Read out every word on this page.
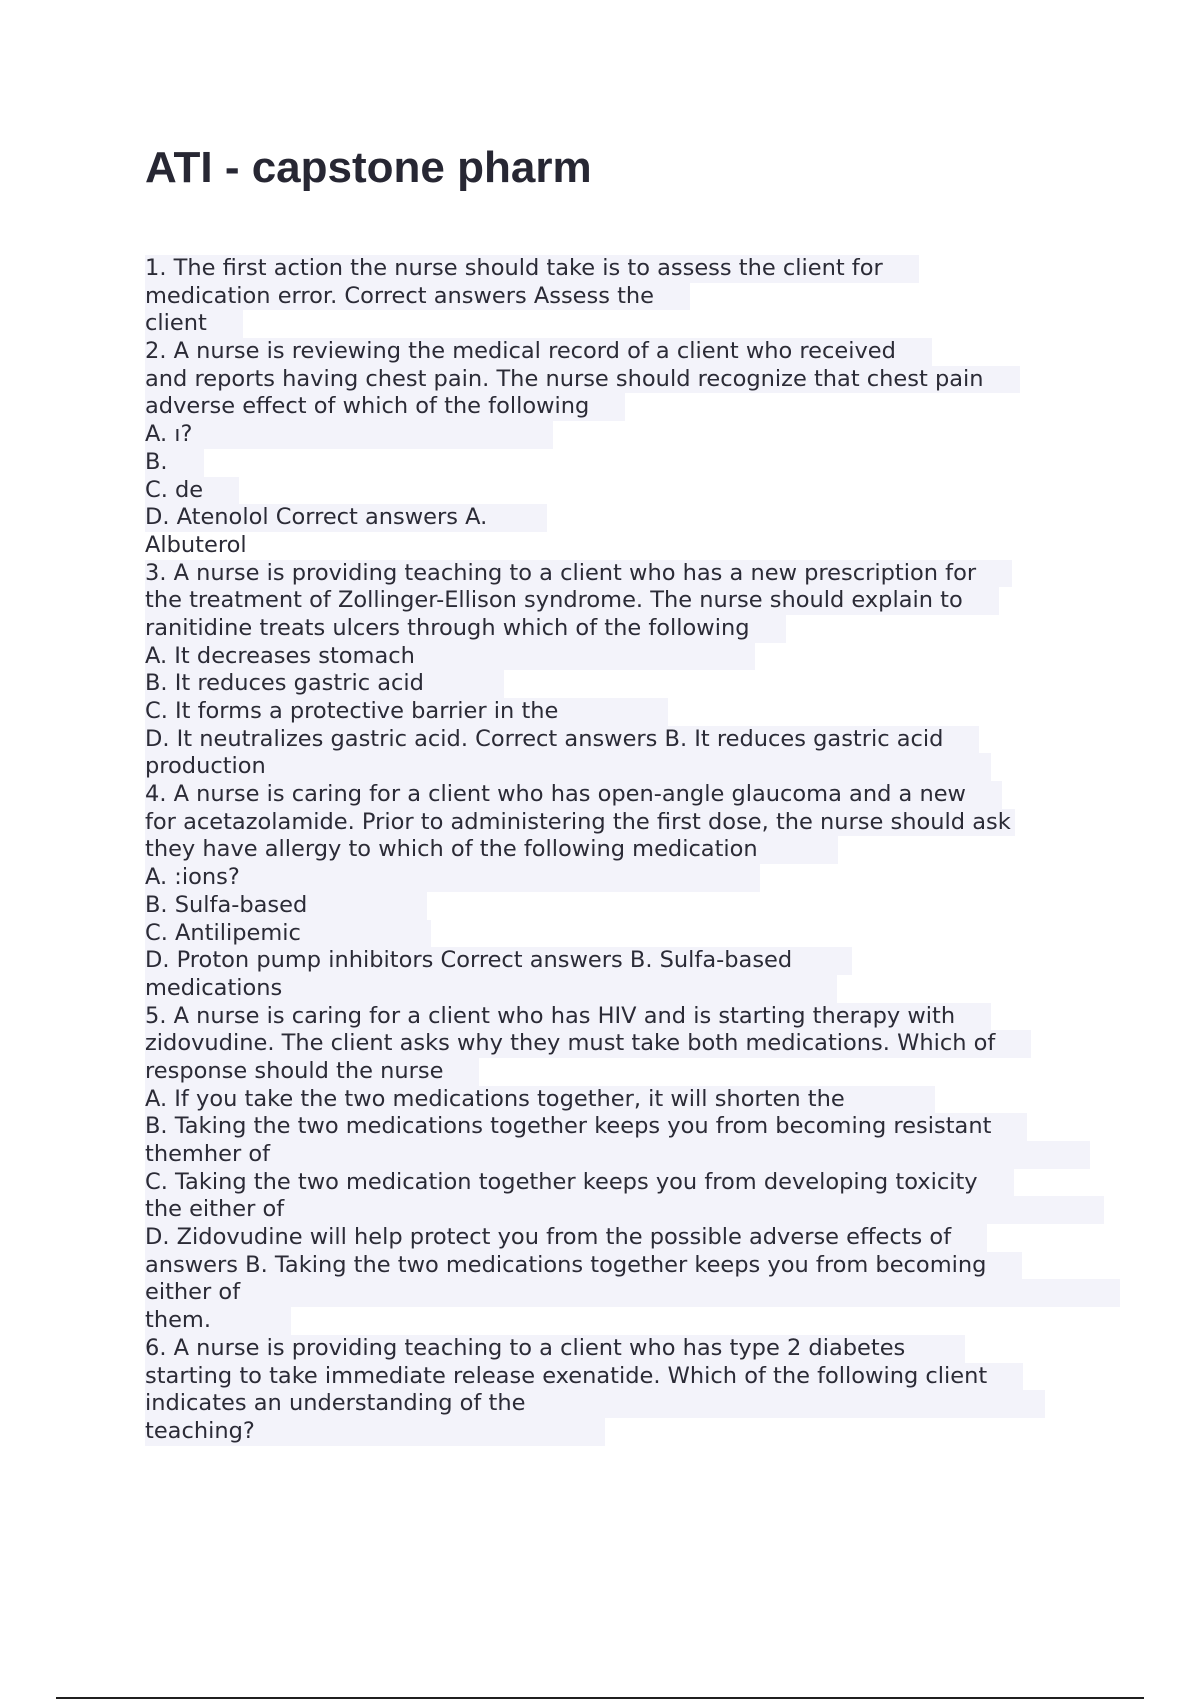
ATI - capstone pharm
1. The first action the nurse should take is to assess the client for
medication error. Correct answers Assess the
client
2. A nurse is reviewing the medical record of a client who received
and reports having chest pain. The nurse should recognize that chest pain
adverse effect of which of the following
A. ı?
B.
C. de
D. Atenolol Correct answers A.
Albuterol
3. A nurse is providing teaching to a client who has a new prescription for
the treatment of Zollinger-Ellison syndrome. The nurse should explain to
ranitidine treats ulcers through which of the following
A. It decreases stomach
B. It reduces gastric acid
C. It forms a protective barrier in the
D. It neutralizes gastric acid. Correct answers B. It reduces gastric acid
production
4. A nurse is caring for a client who has open-angle glaucoma and a new
for acetazolamide. Prior to administering the first dose, the nurse should ask
they have allergy to which of the following medication
A. :ions?
B. Sulfa-based
C. Antilipemic
D. Proton pump inhibitors Correct answers B. Sulfa-based
medications
5. A nurse is caring for a client who has HIV and is starting therapy with
zidovudine. The client asks why they must take both medications. Which of
response should the nurse
A. If you take the two medications together, it will shorten the
B. Taking the two medications together keeps you from becoming resistant
themher of
C. Taking the two medication together keeps you from developing toxicity
the either of
D. Zidovudine will help protect you from the possible adverse effects of
answers B. Taking the two medications together keeps you from becoming
either of
them.
6. A nurse is providing teaching to a client who has type 2 diabetes
starting to take immediate release exenatide. Which of the following client
indicates an understanding of the
teaching?
